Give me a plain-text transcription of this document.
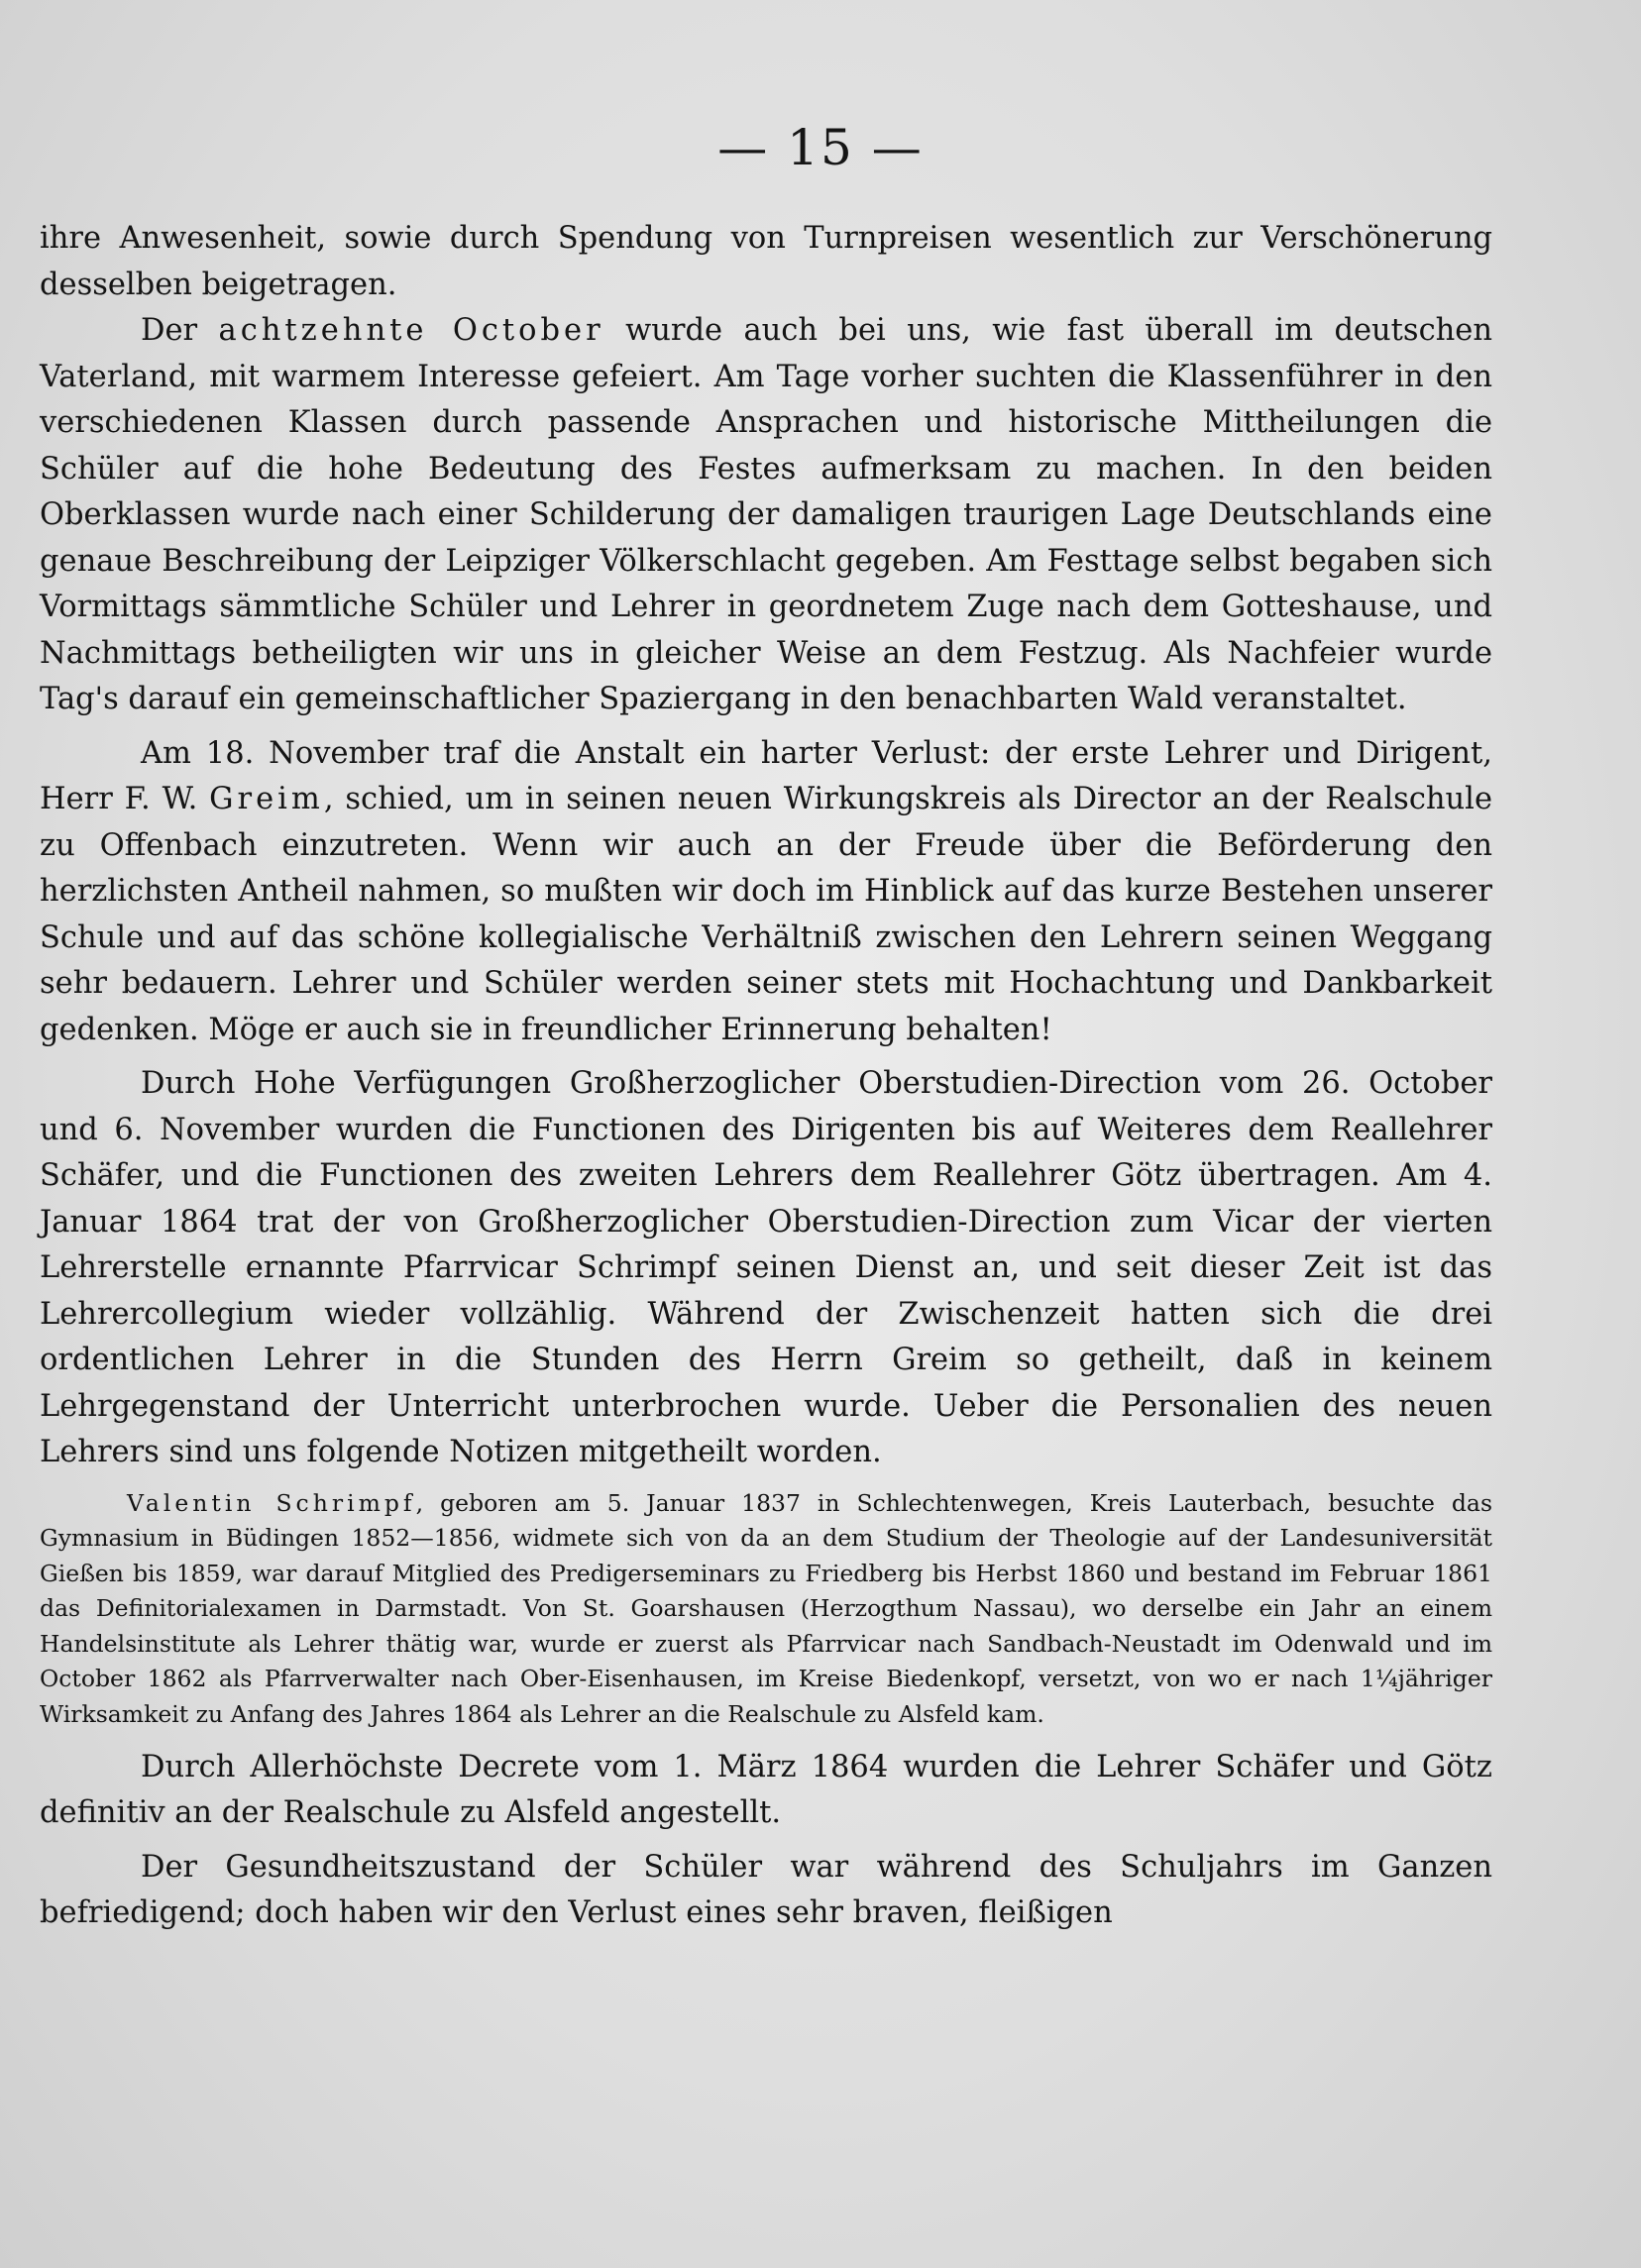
— 15 —

ihre Anwesenheit, sowie durch Spendung von Turnpreisen wesentlich zur Verschönerung desselben beigetragen.

Der achtzehnte October wurde auch bei uns, wie fast überall im deutschen Vaterland, mit warmem Interesse gefeiert. Am Tage vorher suchten die Klassenführer in den verschiedenen Klassen durch passende Ansprachen und historische Mittheilungen die Schüler auf die hohe Bedeutung des Festes aufmerksam zu machen. In den beiden Oberklassen wurde nach einer Schilderung der damaligen traurigen Lage Deutschlands eine genaue Beschreibung der Leipziger Völkerschlacht gegeben. Am Festtage selbst begaben sich Vormittags sämmtliche Schüler und Lehrer in geordnetem Zuge nach dem Gotteshause, und Nachmittags betheiligten wir uns in gleicher Weise an dem Festzug. Als Nachfeier wurde Tag's darauf ein gemeinschaftlicher Spaziergang in den benachbarten Wald veranstaltet.

Am 18. November traf die Anstalt ein harter Verlust: der erste Lehrer und Dirigent, Herr F. W. Greim, schied, um in seinen neuen Wirkungskreis als Director an der Realschule zu Offenbach einzutreten. Wenn wir auch an der Freude über die Beförderung den herzlichsten Antheil nahmen, so mußten wir doch im Hinblick auf das kurze Bestehen unserer Schule und auf das schöne kollegialische Verhältniß zwischen den Lehrern seinen Weggang sehr bedauern. Lehrer und Schüler werden seiner stets mit Hochachtung und Dankbarkeit gedenken. Möge er auch sie in freundlicher Erinnerung behalten!

Durch Hohe Verfügungen Großherzoglicher Oberstudien-Direction vom 26. October und 6. November wurden die Functionen des Dirigenten bis auf Weiteres dem Reallehrer Schäfer, und die Functionen des zweiten Lehrers dem Reallehrer Götz übertragen. Am 4. Januar 1864 trat der von Großherzoglicher Oberstudien-Direction zum Vicar der vierten Lehrerstelle ernannte Pfarrvicar Schrimpf seinen Dienst an, und seit dieser Zeit ist das Lehrercollegium wieder vollzählig. Während der Zwischenzeit hatten sich die drei ordentlichen Lehrer in die Stunden des Herrn Greim so getheilt, daß in keinem Lehrgegenstand der Unterricht unterbrochen wurde. Ueber die Personalien des neuen Lehrers sind uns folgende Notizen mitgetheilt worden.

Valentin Schrimpf, geboren am 5. Januar 1837 in Schlechtenwegen, Kreis Lauterbach, besuchte das Gymnasium in Büdingen 1852—1856, widmete sich von da an dem Studium der Theologie auf der Landesuniversität Gießen bis 1859, war darauf Mitglied des Predigerseminars zu Friedberg bis Herbst 1860 und bestand im Februar 1861 das Definitorialexamen in Darmstadt. Von St. Goarshausen (Herzogthum Nassau), wo derselbe ein Jahr an einem Handelsinstitute als Lehrer thätig war, wurde er zuerst als Pfarrvicar nach Sandbach-Neustadt im Odenwald und im October 1862 als Pfarrverwalter nach Ober-Eisenhausen, im Kreise Biedenkopf, versetzt, von wo er nach 1¼jähriger Wirksamkeit zu Anfang des Jahres 1864 als Lehrer an die Realschule zu Alsfeld kam.

Durch Allerhöchste Decrete vom 1. März 1864 wurden die Lehrer Schäfer und Götz definitiv an der Realschule zu Alsfeld angestellt.

Der Gesundheitszustand der Schüler war während des Schuljahrs im Ganzen befriedigend; doch haben wir den Verlust eines sehr braven, fleißigen
